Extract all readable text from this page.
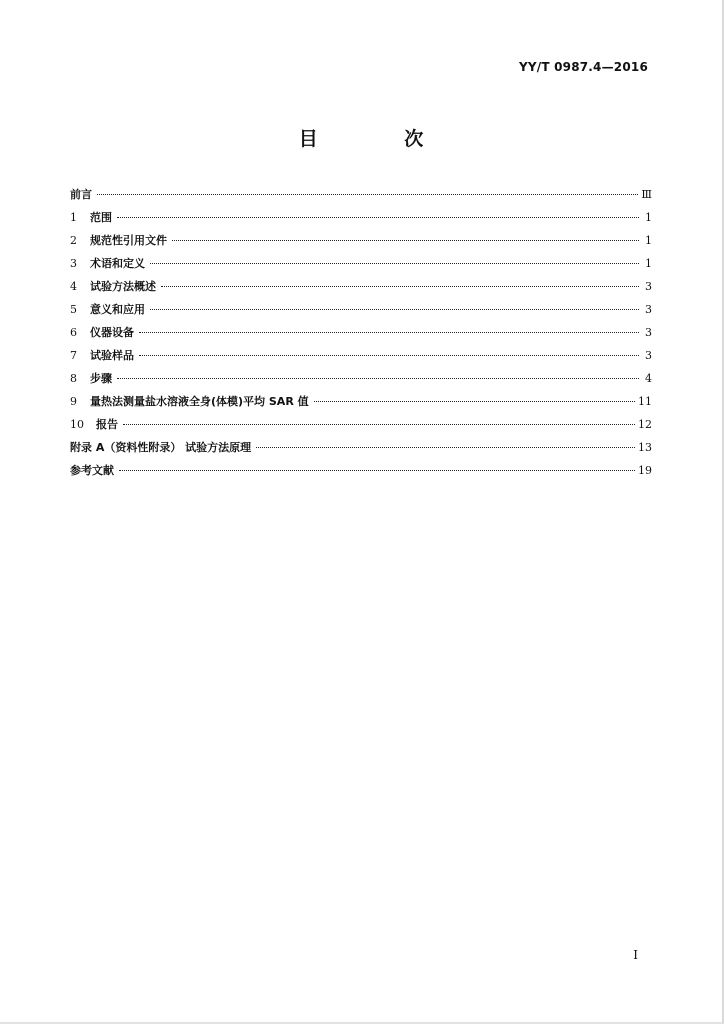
YY/T 0987.4—2016
目 次
前言	Ⅲ
1	范围	1
2	规范性引用文件	1
3	术语和定义	1
4	试验方法概述	3
5	意义和应用	3
6	仪器设备	3
7	试验样品	3
8	步骤	4
9	量热法测量盐水溶液全身(体模)平均 SAR 值	11
10	报告	12
附录 A（资料性附录） 试验方法原理	13
参考文献	19
I
